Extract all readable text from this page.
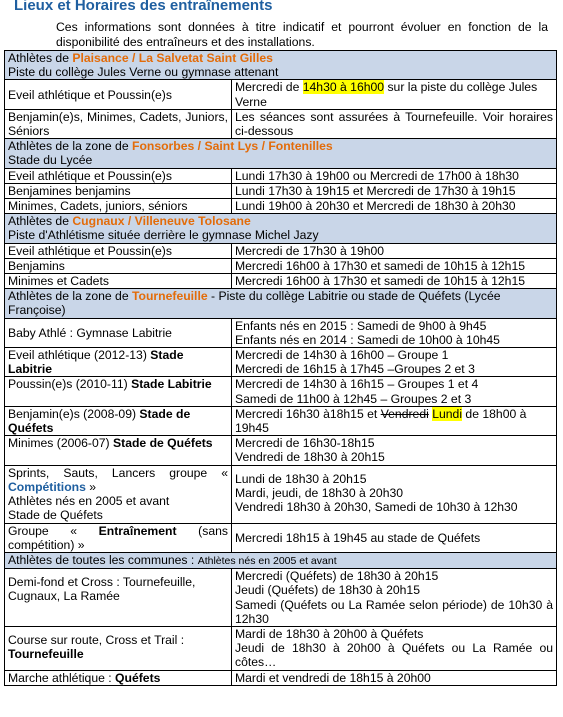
Lieux et Horaires des entraînements
Ces informations sont données à titre indicatif et pourront évoluer en fonction de la disponibilité des entraîneurs et des installations.
Athlètes de Plaisance / La Salvetat Saint Gilles
Piste du collège Jules Verne ou gymnase attenant	
Eveil athlétique et Poussin(e)s	Mercredi de 14h30 à 16h00 sur la piste du collège Jules Verne
Benjamin(e)s, Minimes, Cadets, Juniors, Séniors	Les séances sont assurées à Tournefeuille. Voir horaires ci-dessous
Athlètes de la zone de Fonsorbes / Saint Lys / Fontenilles
Stade du Lycée	
Eveil athlétique et Poussin(e)s	Lundi 17h30 à 19h00 ou Mercredi de 17h00 à 18h30
Benjamines benjamins	Lundi 17h30 à 19h15 et Mercredi de 17h30 à 19h15
Minimes, Cadets, juniors, séniors	Lundi 19h00 à 20h30 et Mercredi de 18h30 à 20h30
Athlètes de Cugnaux / Villeneuve Tolosane
Piste d'Athlétisme située derrière le gymnase Michel Jazy	
Eveil athlétique et Poussin(e)s	Mercredi de 17h30 à 19h00
Benjamins	Mercredi 16h00 à 17h30 et samedi de 10h15 à 12h15
Minimes et Cadets	Mercredi 16h00 à 17h30 et samedi de 10h15 à 12h15
Athlètes de la zone de Tournefeuille - Piste du collège Labitrie ou stade de Quéfets (Lycée Françoise)	
Baby Athlé : Gymnase Labitrie	Enfants nés en 2015 : Samedi de 9h00 à 9h45
Enfants nés en 2014 : Samedi de 10h00 à 10h45
Eveil athlétique (2012-13) Stade Labitrie	Mercredi de 14h30 à 16h00 – Groupe 1
Mercredi de 16h15 à 17h45 –Groupes 2 et 3
Poussin(e)s (2010-11) Stade Labitrie	Mercredi de 14h30 à 16h15 – Groupes 1 et 4
Samedi de 11h00 à 12h45 – Groupes 2 et 3
Benjamin(e)s (2008-09) Stade de Quéfets	Mercredi 16h30 à18h15 et Vendredi Lundi de 18h00 à 19h45
Minimes (2006-07) Stade de Quéfets	Mercredi de 16h30-18h15
Vendredi de 18h30 à 20h15
Sprints, Sauts, Lancers groupe « Compétitions »
Athlètes nés en 2005 et avant
Stade de Quéfets	Lundi de 18h30 à 20h15
Mardi, jeudi, de 18h30 à 20h30
Vendredi 18h30 à 20h30, Samedi de 10h30 à 12h30
Groupe « Entraînement (sans compétition) »	Mercredi 18h15 à 19h45 au stade de Quéfets
Athlètes de toutes les communes : Athlètes nés en 2005 et avant	

Demi-fond et Cross : Tournefeuille, Cugnaux, La Ramée	Mercredi (Quéfets) de 18h30 à 20h15
Jeudi (Quéfets) de 18h30 à 20h15
Samedi (Quéfets ou La Ramée selon période) de 10h30 à 12h30

Course sur route, Cross et Trail : Tournefeuille	Mardi de 18h30 à 20h00 à Quéfets
Jeudi de 18h30 à 20h00 à Quéfets ou La Ramée ou côtes…
Marche athlétique : Quéfets	Mardi et vendredi de 18h15 à 20h00
